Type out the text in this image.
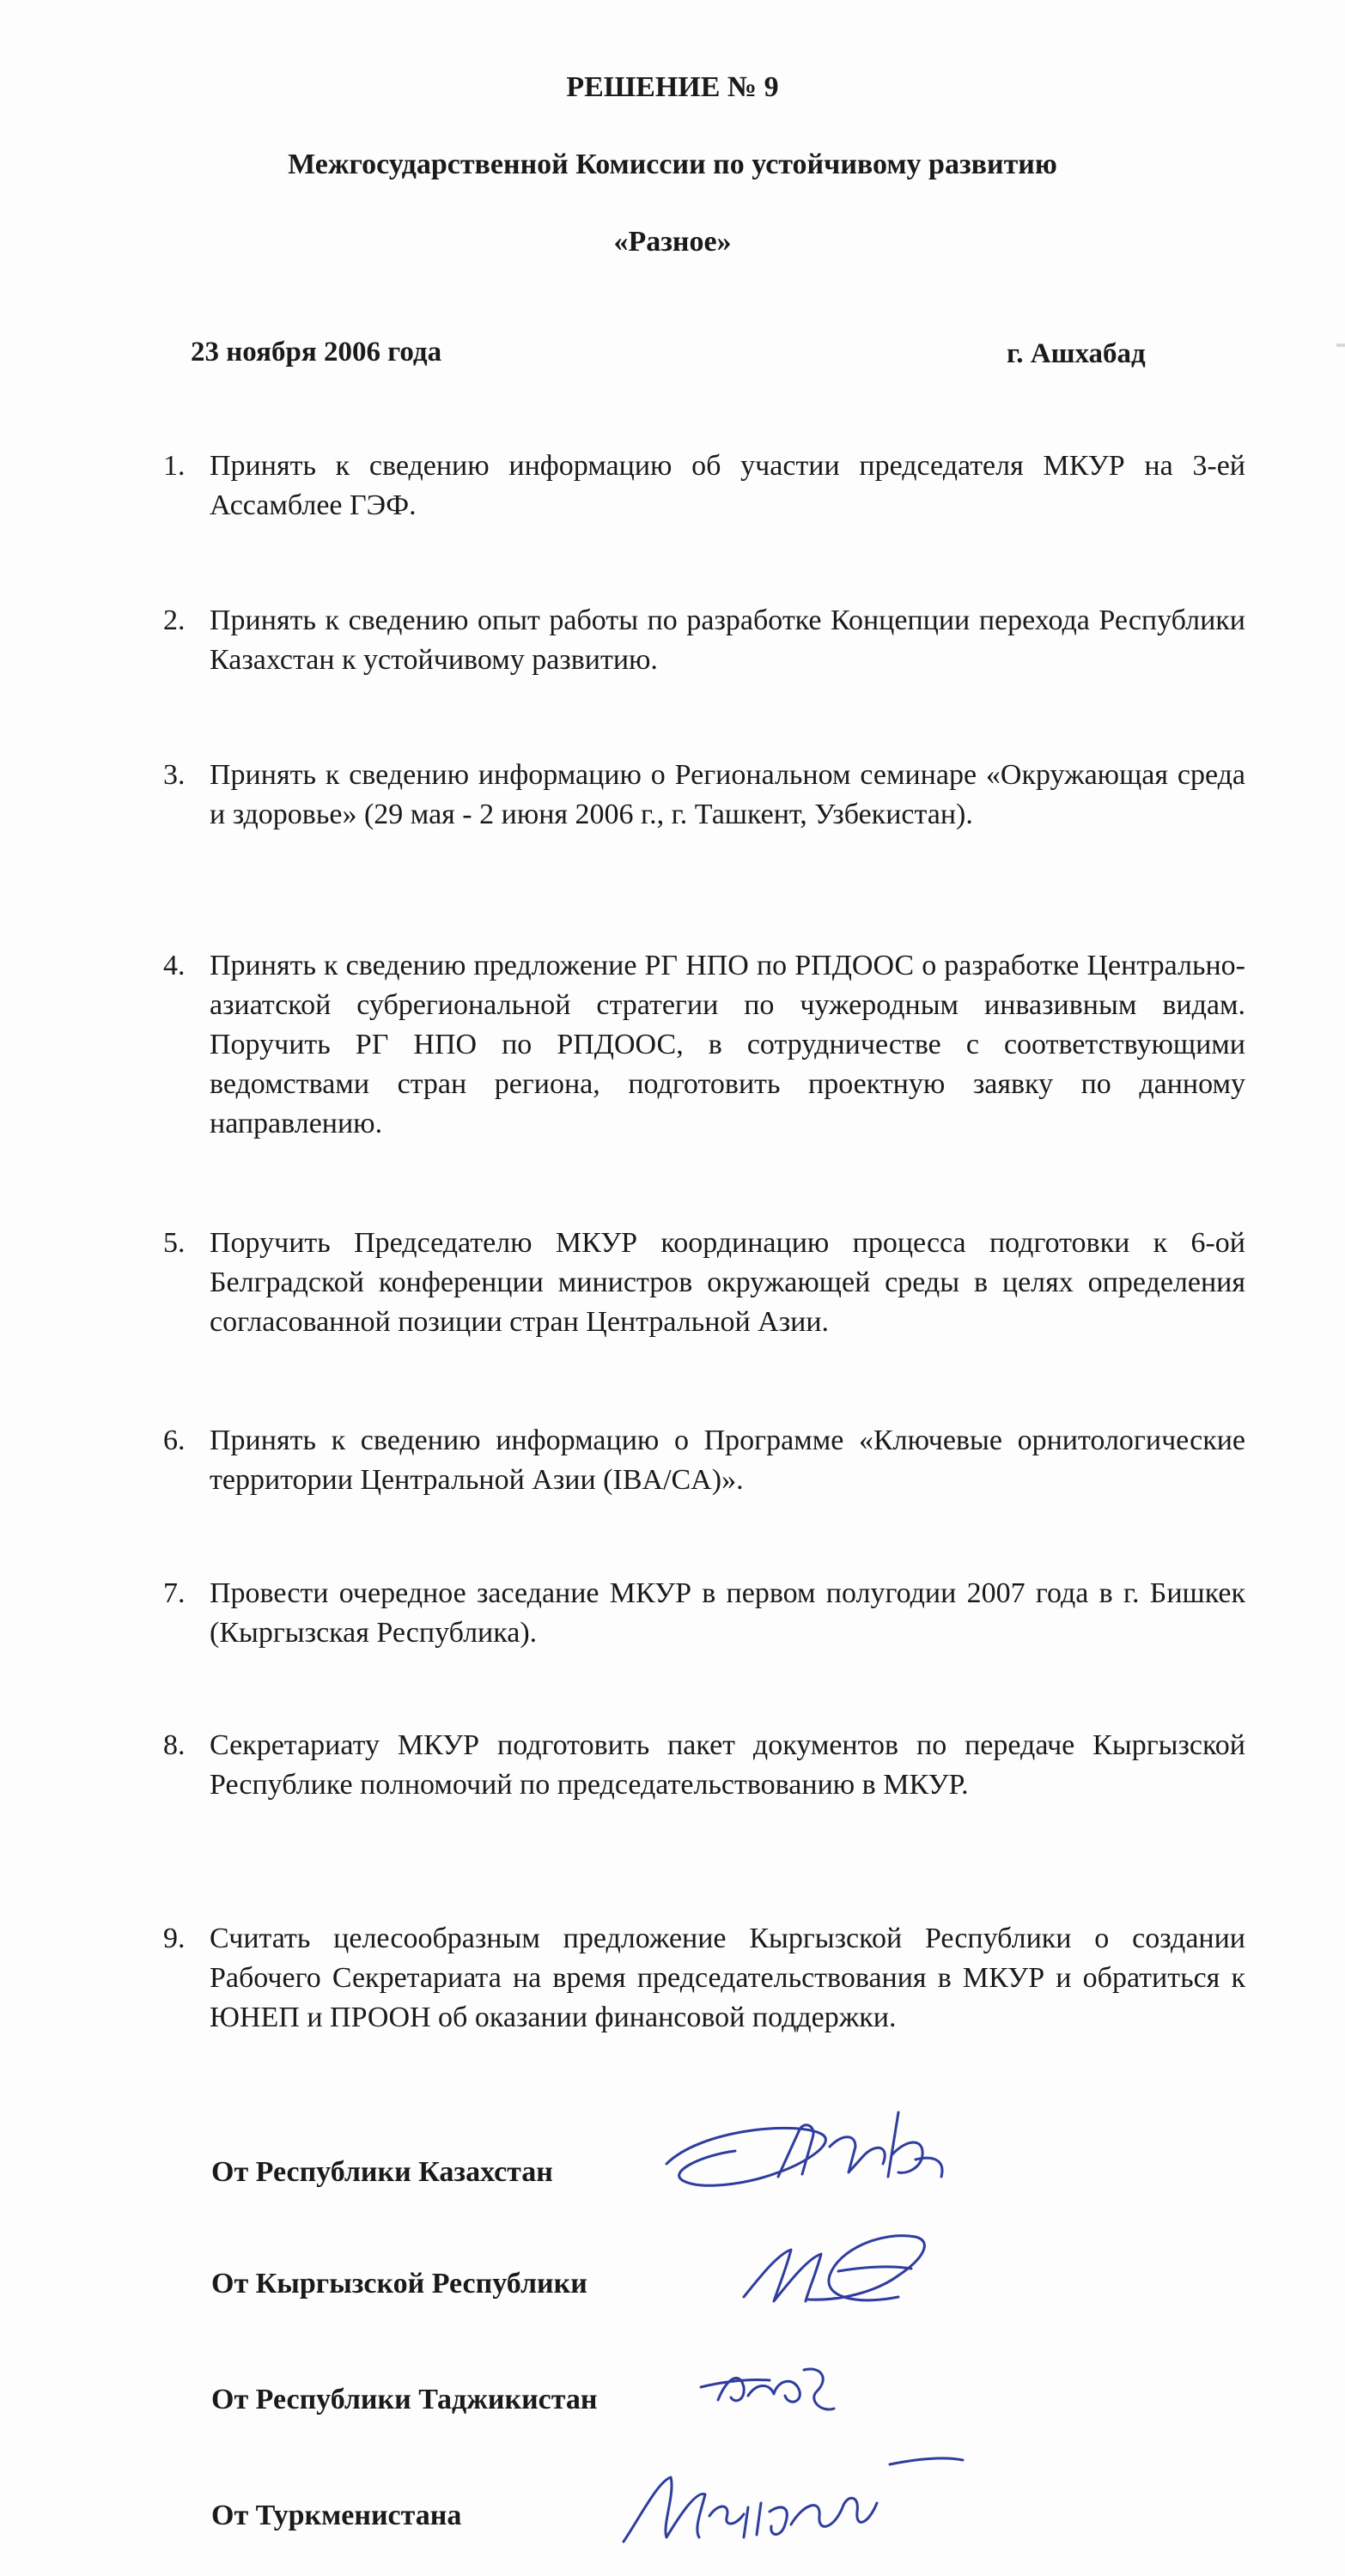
РЕШЕНИЕ № 9
Межгосударственной Комиссии по устойчивому развитию
«Разное»
23 ноября 2006 года	г. Ашхабад
1. Принять к сведению информацию об участии председателя МКУР на 3-ей Ассамблее ГЭФ.
2. Принять к сведению опыт работы по разработке Концепции перехода Республики Казахстан к устойчивому развитию.
3. Принять к сведению информацию о Региональном семинаре «Окружающая среда и здоровье» (29 мая - 2 июня 2006 г., г. Ташкент, Узбекистан).
4. Принять к сведению предложение РГ НПО по РПДООС о разработке Центрально-азиатской субрегиональной стратегии по чужеродным инвазивным видам. Поручить РГ НПО по РПДООС, в сотрудничестве с соответствующими ведомствами стран региона, подготовить проектную заявку по данному направлению.
5. Поручить Председателю МКУР координацию процесса подготовки к 6-ой Белградской конференции министров окружающей среды в целях определения согласованной позиции стран Центральной Азии.
6. Принять к сведению информацию о Программе «Ключевые орнитологические территории Центральной Азии (IBA/CA)».
7. Провести очередное заседание МКУР в первом полугодии 2007 года в г. Бишкек (Кыргызская Республика).
8. Секретариату МКУР подготовить пакет документов по передаче Кыргызской Республике полномочий по председательствованию в МКУР.
9. Считать целесообразным предложение Кыргызской Республики о создании Рабочего Секретариата на время председательствования в МКУР и обратиться к ЮНЕП и ПРООН об оказании финансовой поддержки.
От Республики Казахстан
От Кыргызской Республики
От Республики Таджикистан
От Туркменистана
